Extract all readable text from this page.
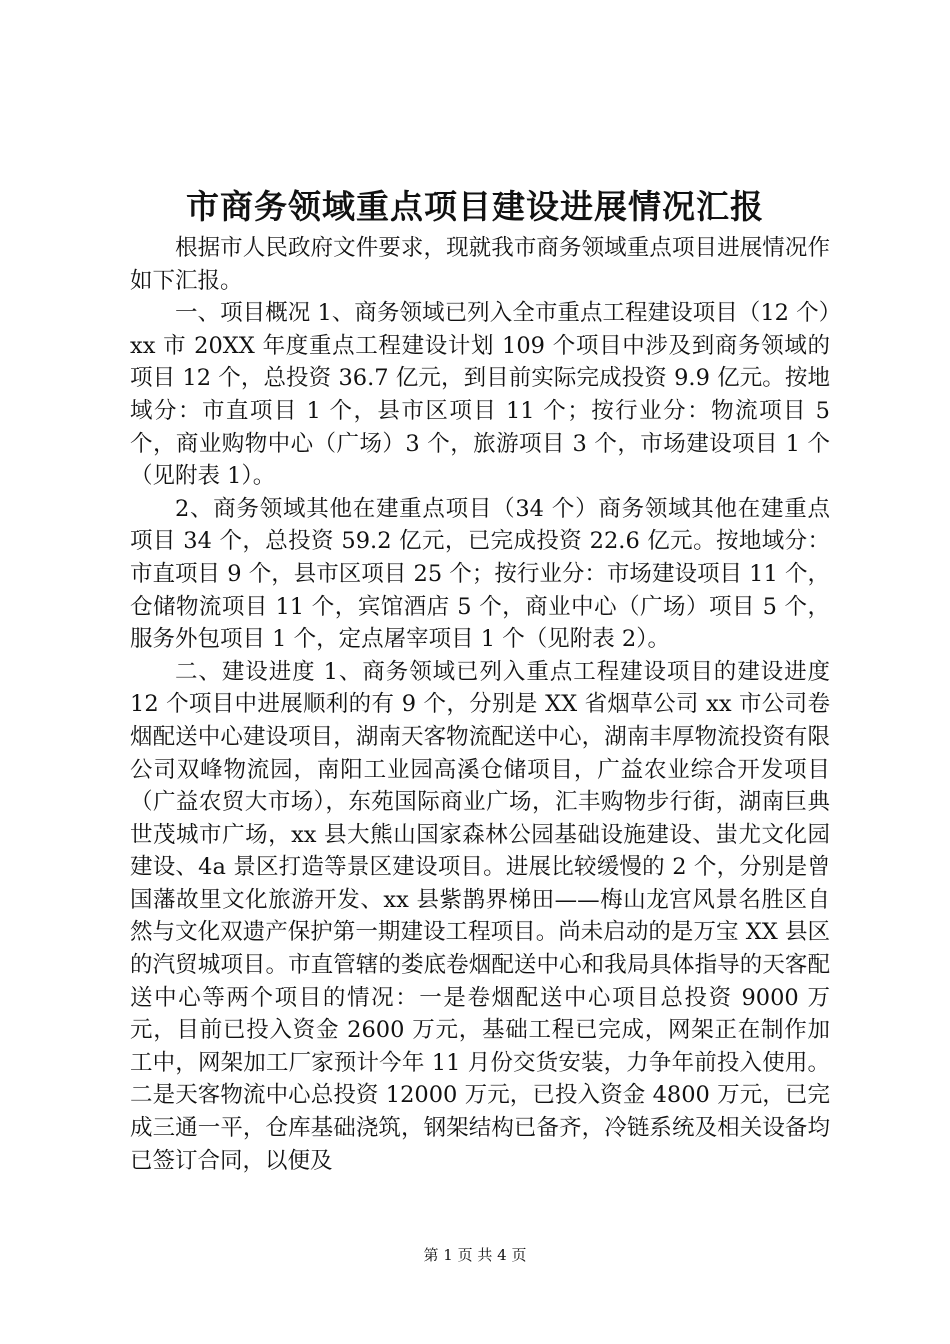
市商务领域重点项目建设进展情况汇报

根据市人民政府文件要求，现就我市商务领域重点项目进展情况作如下汇报。

一、项目概况 1、商务领域已列入全市重点工程建设项目（12 个）xx 市 20XX 年度重点工程建设计划 109 个项目中涉及到商务领域的项目 12 个，总投资 36.7 亿元，到目前实际完成投资 9.9 亿元。按地域分：市直项目 1 个，县市区项目 11 个；按行业分：物流项目 5 个，商业购物中心（广场）3 个，旅游项目 3 个，市场建设项目 1 个（见附表 1）。

2、商务领域其他在建重点项目（34 个）商务领域其他在建重点项目 34 个，总投资 59.2 亿元，已完成投资 22.6 亿元。按地域分：市直项目 9 个，县市区项目 25 个；按行业分：市场建设项目 11 个，仓储物流项目 11 个，宾馆酒店 5 个，商业中心（广场）项目 5 个，服务外包项目 1 个，定点屠宰项目 1 个（见附表 2）。

二、建设进度 1、商务领域已列入重点工程建设项目的建设进度 12 个项目中进展顺利的有 9 个，分别是 XX 省烟草公司 xx 市公司卷烟配送中心建设项目，湖南天客物流配送中心，湖南丰厚物流投资有限公司双峰物流园，南阳工业园高溪仓储项目，广益农业综合开发项目（广益农贸大市场），东苑国际商业广场，汇丰购物步行街，湖南巨典世茂城市广场，xx 县大熊山国家森林公园基础设施建设、蚩尤文化园建设、4a 景区打造等景区建设项目。进展比较缓慢的 2 个，分别是曾国藩故里文化旅游开发、xx 县紫鹊界梯田——梅山龙宫风景名胜区自然与文化双遗产保护第一期建设工程项目。尚未启动的是万宝 XX 县区的汽贸城项目。市直管辖的娄底卷烟配送中心和我局具体指导的天客配送中心等两个项目的情况：一是卷烟配送中心项目总投资 9000 万元，目前已投入资金 2600 万元，基础工程已完成，网架正在制作加工中，网架加工厂家预计今年 11 月份交货安装，力争年前投入使用。二是天客物流中心总投资 12000 万元，已投入资金 4800 万元，已完成三通一平，仓库基础浇筑，钢架结构已备齐，冷链系统及相关设备均已签订合同，以便及

第 1 页 共 4 页
